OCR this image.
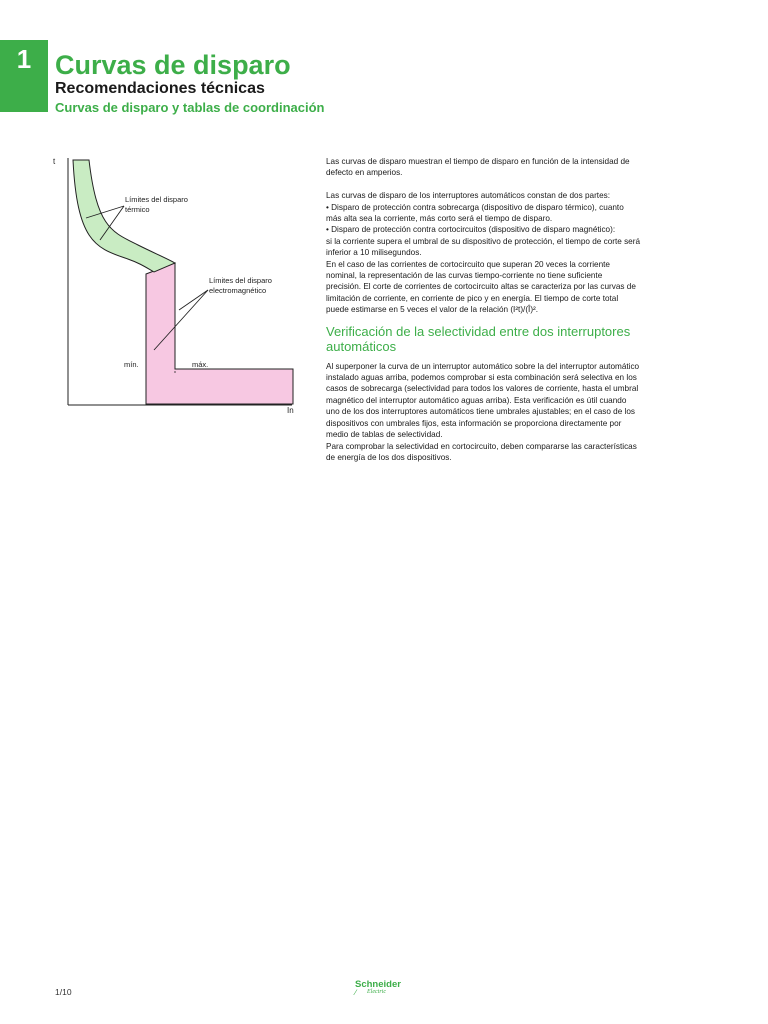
1 Curvas de disparo
Recomendaciones técnicas
Curvas de disparo y tablas de coordinación
t
In
Límites del disparo
térmico
Límites del disparo
electromagnético
mín.	máx.

Las curvas de disparo muestran el tiempo de disparo en función de la intensidad de
defecto en amperios.

Las curvas de disparo de los interruptores automáticos constan de dos partes:
• Disparo de protección contra sobrecarga (dispositivo de disparo térmico), cuanto
más alta sea la corriente, más corto será el tiempo de disparo.
• Disparo de protección contra cortocircuitos (dispositivo de disparo magnético):
si la corriente supera el umbral de su dispositivo de protección, el tiempo de corte será
inferior a 10 milisegundos.
En el caso de las corrientes de cortocircuito que superan 20 veces la corriente
nominal, la representación de las curvas tiempo-corriente no tiene suficiente
precisión. El corte de corrientes de cortocircuito altas se caracteriza por las curvas de
limitación de corriente, en corriente de pico y en energía. El tiempo de corte total
puede estimarse en 5 veces el valor de la relación (I²t)/(Î)².

Verificación de la selectividad entre dos interruptores
automáticos

Al superponer la curva de un interruptor automático sobre la del interruptor automático
instalado aguas arriba, podemos comprobar si esta combinación será selectiva en los
casos de sobrecarga (selectividad para todos los valores de corriente, hasta el umbral
magnético del interruptor automático aguas arriba). Esta verificación es útil cuando
uno de los dos interruptores automáticos tiene umbrales ajustables; en el caso de los
dispositivos con umbrales fijos, esta información se proporciona directamente por
medio de tablas de selectividad.
Para comprobar la selectividad en cortocircuito, deben compararse las características
de energía de los dos dispositivos.

1/10
Schneider
∕ Electric
